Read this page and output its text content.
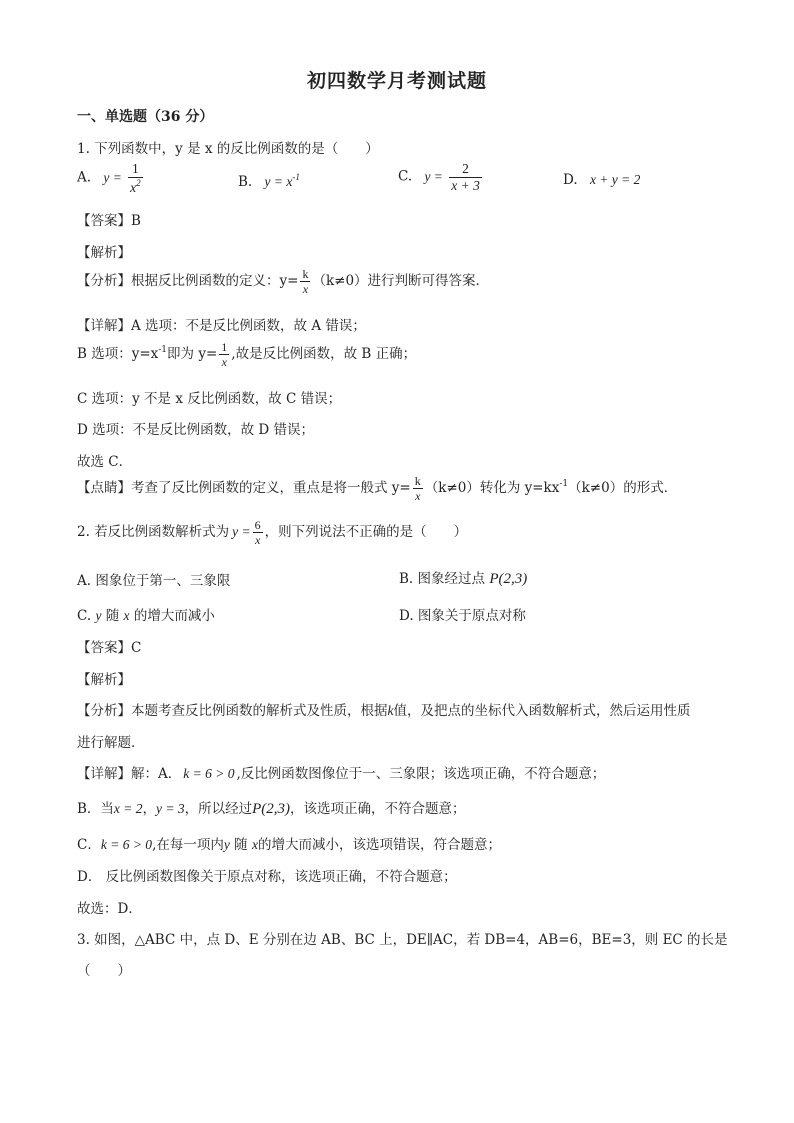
初四数学月考测试题
一、单选题（36 分）
1. 下列函数中，y 是 x 的反比例函数的是（　　）
A. $y = \frac{1}{x^2}$	B. $y = x^{-1}$	C. $y = \frac{2}{x + 3}$	D. x + y = 2
【答案】B
【解析】
【分析】根据反比例函数的定义：$y= \frac{k}{x} (k\ne 0)$进行判断可得答案．
【详解】A 选项：不是反比例函数，故 A 错误；
B 选项：$y=x^{-1}$即为 $y= \frac{1}{x}$ ,故是反比例函数，故 B 正确；
C 选项：y 不是 x 反比例函数，故 C 错误；
D 选项：不是反比例函数，故 D 错误；
故选 C．
【点睛】考查了反比例函数的定义，重点是将一般式 $y= \frac{k}{x} (k\ne 0)$转化为 $y=kx^{-1}(k\ne 0)$的形式．
2. 若反比例函数解析式为 $y = \frac{6}{x}$ ，则下列说法不正确的是（　　）
A. 图象位于第一、三象限	B. 图象经过点 P(2,3)
C. y 随 x 的增大而减小	D. 图象关于原点对称
【答案】C
【解析】
【分析】本题考查反比例函数的解析式及性质，根据k值，及把点的坐标代入函数解析式，然后运用性质
进行解题．
【详解】解：A． k = 6 > 0 ,反比例函数图像位于一、三象限；该选项正确，不符合题意；
B．当x = 2，y = 3，所以经过P(2,3)，该选项正确，不符合题意；
C．k = 6 > 0,在每一项内y 随 x的增大而减小，该选项错误，符合题意；
D． 反比例函数图像关于原点对称，该选项正确，不符合题意；
故选：D．
3. 如图，△ABC 中，点 D、E 分别在边 AB、BC 上，DE∥AC，若 DB=4，AB=6，BE=3，则 EC 的长是
（　　）
